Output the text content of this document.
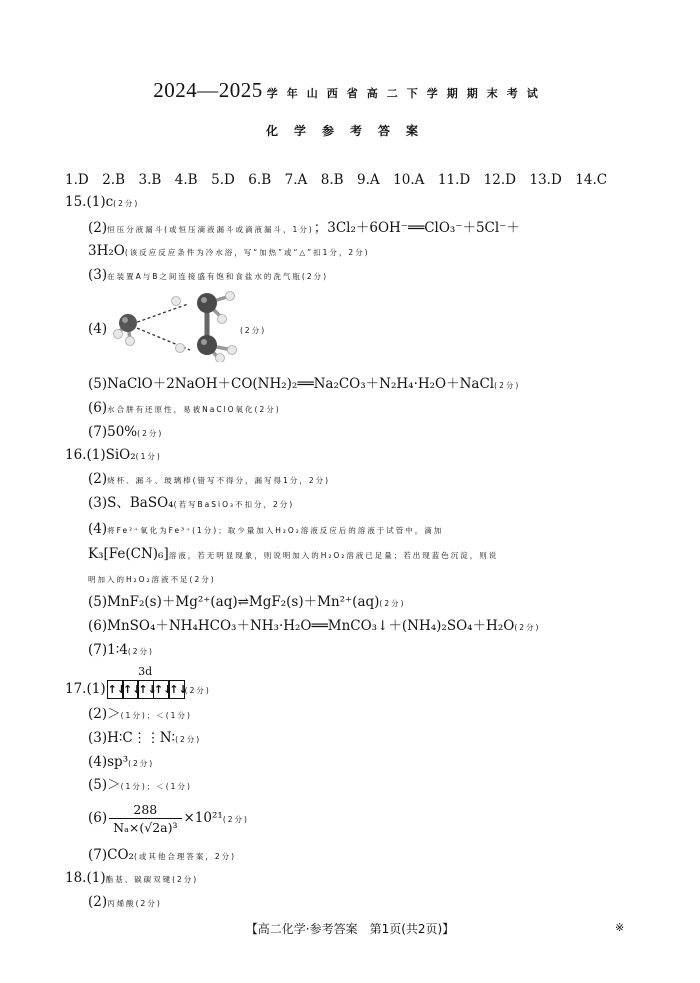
2024—2025 学年山西省高二下学期期末考试
化学参考答案
1.D　2.B　3.B　4.B　5.D　6.B　7.A　8.B　9.A　10.A　11.D　12.D　13.D　14.C
15.(1)c(2分)
(2)恒压分液漏斗(或恒压滴液漏斗或滴液漏斗，1分)；3Cl₂＋6OH⁻══ClO₃⁻＋5Cl⁻＋
3H₂O(该反应反应条件为冷水浴，写“加热”或“△”扣1分，2分)
(3)在装置A与B之间连接盛有饱和食盐水的洗气瓶(2分)
(4)	(2分)
(5)NaClO＋2NaOH＋CO(NH₂)₂══Na₂CO₃＋N₂H₄·H₂O＋NaCl(2分)
(6)水合肼有还原性，易被NaClO氧化(2分)
(7)50%(2分)
16.(1)SiO₂(1分)
(2)烧杯、漏斗、玻璃棒(错写不得分，漏写得1分，2分)
(3)S、BaSO₄(若写BaSiO₃不扣分，2分)
(4)将Fe²⁺氧化为Fe³⁺(1分)；取少量加入H₂O₂溶液反应后的溶液于试管中，滴加
K₃[Fe(CN)₆]溶液，若无明显现象，则说明加入的H₂O₂溶液已足量；若出现蓝色沉淀，则说
明加入的H₂O₂溶液不足(2分)
(5)MnF₂(s)＋Mg²⁺(aq)⇌MgF₂(s)＋Mn²⁺(aq)(2分)
(6)MnSO₄＋NH₄HCO₃＋NH₃·H₂O══MnCO₃↓＋(NH₄)₂SO₄＋H₂O(2分)
(7)1∶4(2分)
17.(1)
3d
↑↓↑↓↑↓↑↓↑↓(2分)
(2)＞(1分)；＜(1分)
(3)H∶C⋮⋮N∶(2分)
(4)sp³(2分)
(5)＞(1分)；＜(1分)
$(6) \frac{288}{\text{Nₐ×(√2a)³}} \times 10^{21}(2$分)
(7)CO₂(或其他合理答案，2分)
18.(1)酯基、碳碳双键(2分)
(2)丙烯酸(2分)
【高二化学·参考答案　第1页(共2页)】	※
